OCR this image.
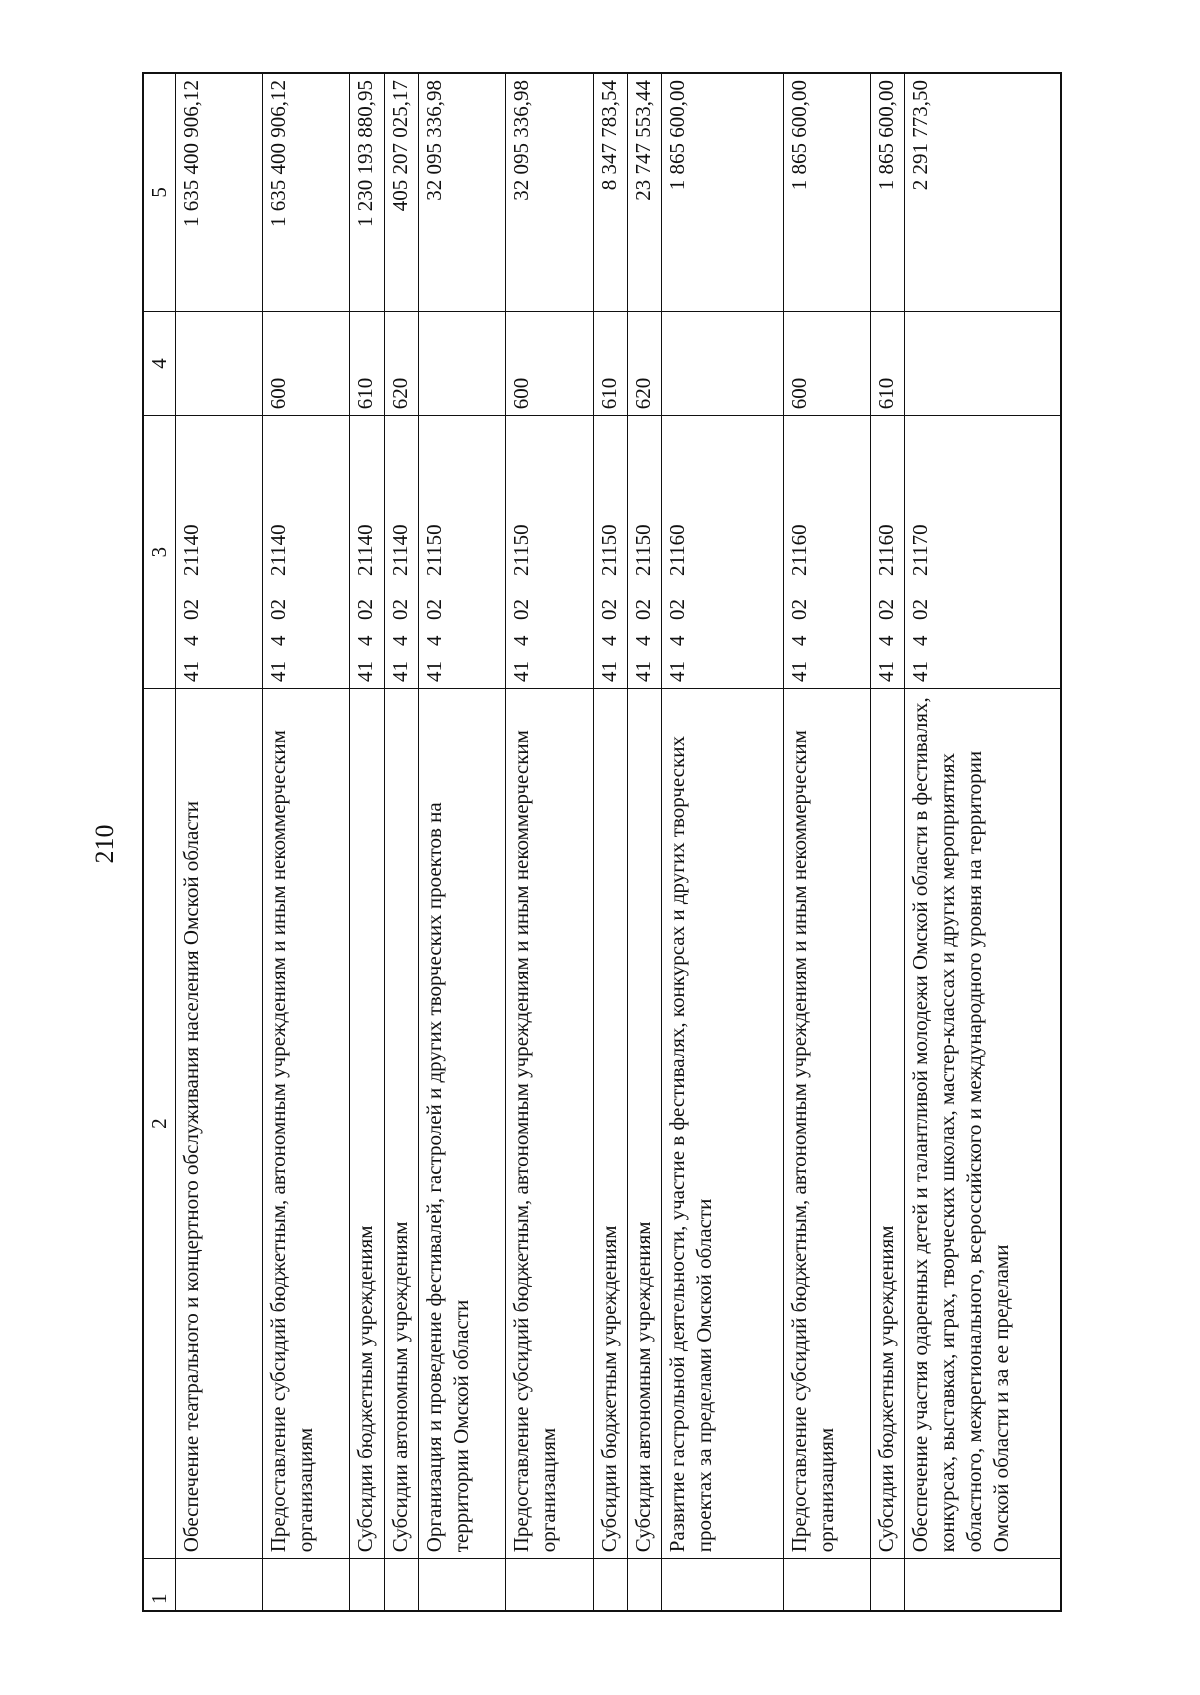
210
1	2	3	4	5
	Обеспечение театрального и концертного обслуживания населения Омской области	4140221140		1 635 400 906,12
	Предоставление субсидий бюджетным, автономным учреждениям и иным некоммерческим организациям	4140221140	600	1 635 400 906,12
	Субсидии бюджетным учреждениям	4140221140	610	1 230 193 880,95
	Субсидии автономным учреждениям	4140221140	620	405 207 025,17
	Организация и проведение фестивалей, гастролей и других творческих проектов на территории Омской области	4140221150		32 095 336,98
	Предоставление субсидий бюджетным, автономным учреждениям и иным некоммерческим организациям	4140221150	600	32 095 336,98
	Субсидии бюджетным учреждениям	4140221150	610	8 347 783,54
	Субсидии автономным учреждениям	4140221150	620	23 747 553,44
	Развитие гастрольной деятельности, участие в фестивалях, конкурсах и других творческих проектах за пределами Омской области	4140221160		1 865 600,00
	Предоставление субсидий бюджетным, автономным учреждениям и иным некоммерческим организациям	4140221160	600	1 865 600,00
	Субсидии бюджетным учреждениям	4140221160	610	1 865 600,00
	Обеспечение участия одаренных детей и талантливой молодежи Омской области в фестивалях, конкурсах, выставках, играх, творческих школах, мастер-классах и других мероприятиях областного, межрегионального, всероссийского и международного уровня на территории Омской области и за ее пределами	4140221170		2 291 773,50
